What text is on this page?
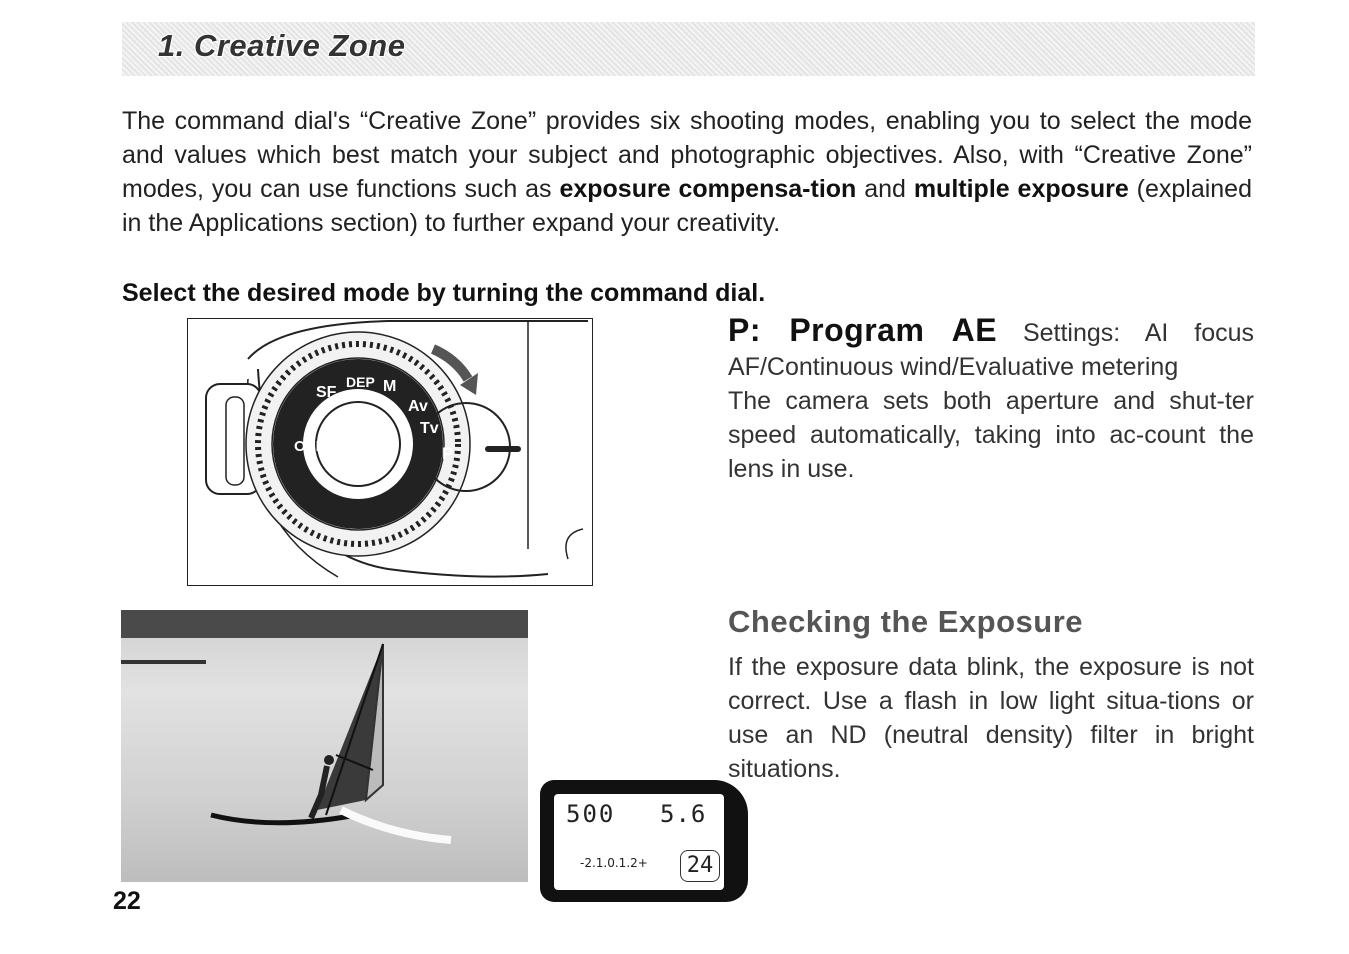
1. Creative Zone

The command dial's “Creative Zone” provides six shooting modes, enabling you to select the mode and values which best match your subject and photographic objectives. Also, with “Creative Zone” modes, you can use functions such as exposure compensa-tion and multiple exposure (explained in the Applications section) to further expand your creativity.

Select the desired mode by turning the command dial.

SF
DEP M
Av
Tv
P
OSI

P: Program AE Settings: AI focus AF/Continuous wind/Evaluative metering

The camera sets both aperture and shut-ter speed automatically, taking into ac-count the lens in use.

500 5.6
-2.1.0.1.2+	24

Checking the Exposure

If the exposure data blink, the exposure is not correct. Use a flash in low light situa-tions or use an ND (neutral density) filter in bright situations.

22
